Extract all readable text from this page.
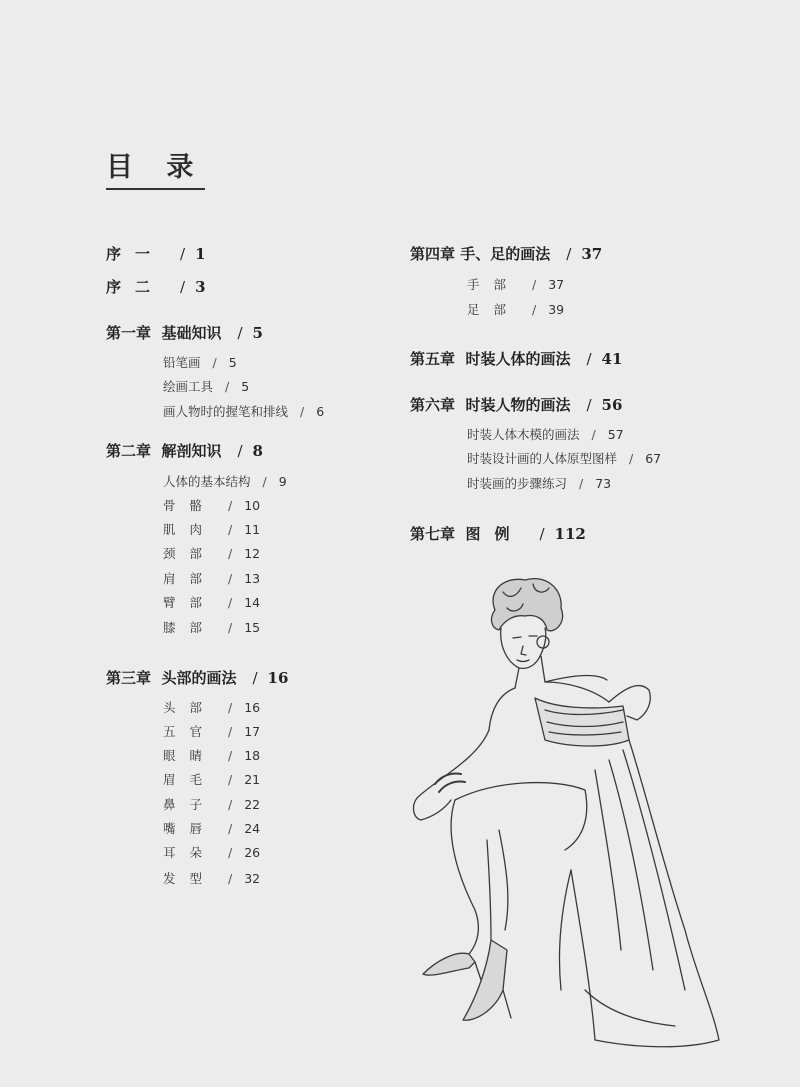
目 录
序一 / 1
序二 / 3
第一章 基础知识 / 5
铅笔画 / 5
绘画工具 / 5
画人物时的握笔和排线 / 6
第二章 解剖知识 / 8
人体的基本结构 / 9
骨骼 / 10
肌肉 / 11
颈部 / 12
肩部 / 13
臂部 / 14
膝部 / 15
第三章 头部的画法 / 16
头部 / 16
五官 / 17
眼睛 / 18
眉毛 / 21
鼻子 / 22
嘴唇 / 24
耳朵 / 26
发型 / 32
第四章 手、足的画法 / 37
手部 / 37
足部 / 39
第五章 时装人体的画法 / 41
第六章 时装人物的画法 / 56
时装人体木模的画法 / 57
时装设计画的人体原型图样 / 67
时装画的步骤练习 / 73
第七章 图例 / 112
